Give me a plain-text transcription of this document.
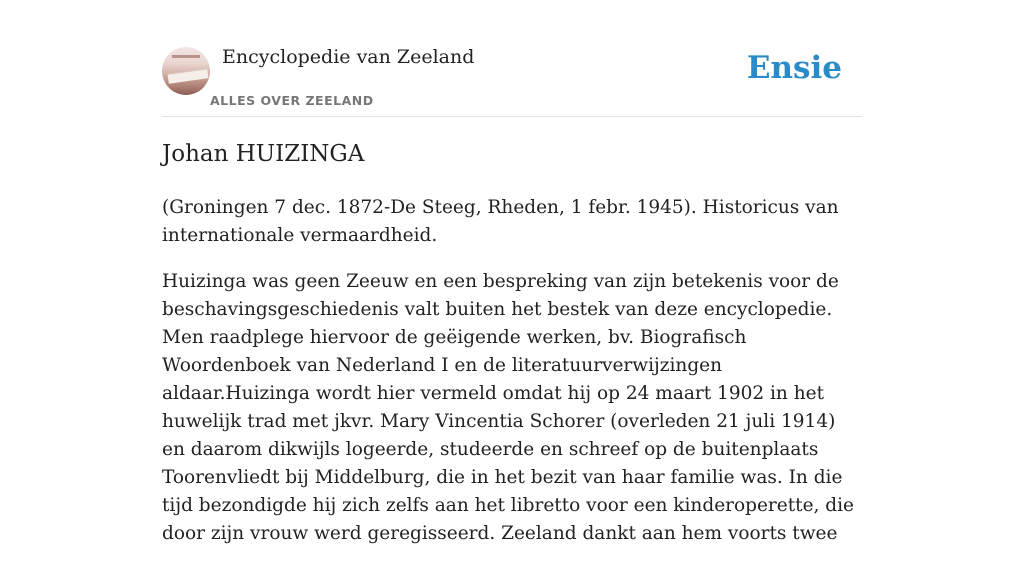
Encyclopedie van Zeeland
ALLES OVER ZEELAND
Ensie
Johan HUIZINGA

(Groningen 7 dec. 1872-De Steeg, Rheden, 1 febr. 1945). Historicus van internationale vermaardheid.

Huizinga was geen Zeeuw en een bespreking van zijn betekenis voor de beschavingsgeschiedenis valt buiten het bestek van deze encyclopedie. Men raadplege hiervoor de geëigende werken, bv. Biografisch Woordenboek van Nederland I en de literatuurverwijzingen aldaar.Huizinga wordt hier vermeld omdat hij op 24 maart 1902 in het huwelijk trad met jkvr. Mary Vincentia Schorer (overleden 21 juli 1914) en daarom dikwijls logeerde, studeerde en schreef op de buitenplaats Toorenvliedt bij Middelburg, die in het bezit van haar familie was. In die tijd bezondigde hij zich zelfs aan het libretto voor een kinderoperette, die door zijn vrouw werd geregisseerd. Zeeland dankt aan hem voorts twee
